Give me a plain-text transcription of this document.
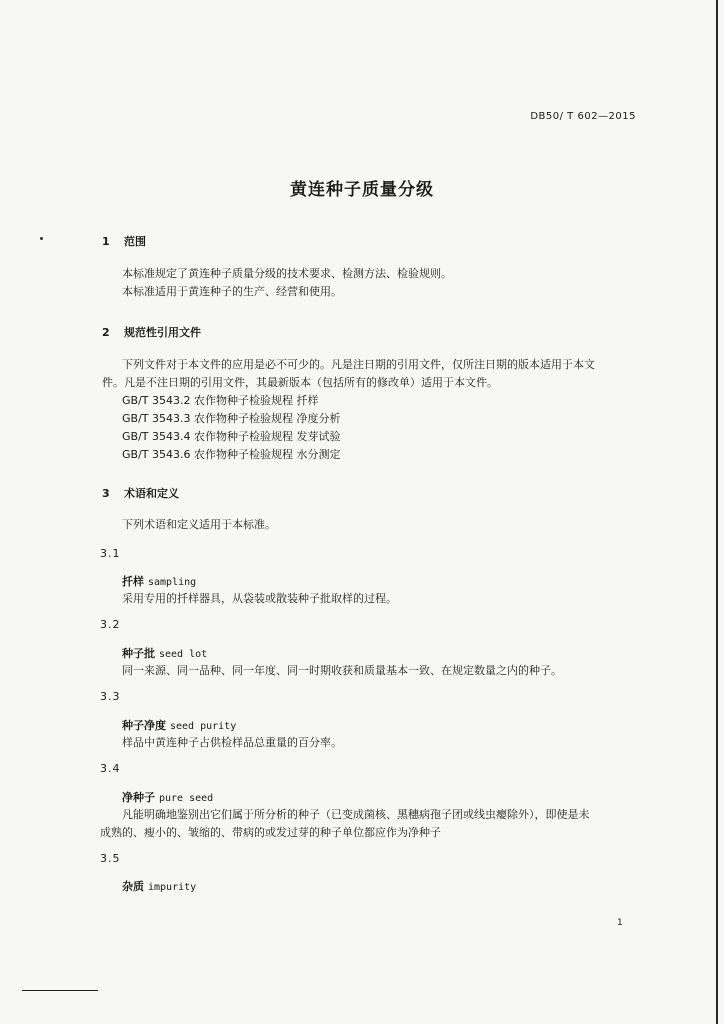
DB50/ T 602—2015
黄连种子质量分级
1 范围
本标准规定了黄连种子质量分级的技术要求、检测方法、检验规则。
本标准适用于黄连种子的生产、经营和使用。
2 规范性引用文件
下列文件对于本文件的应用是必不可少的。凡是注日期的引用文件，仅所注日期的版本适用于本文
件。凡是不注日期的引用文件，其最新版本（包括所有的修改单）适用于本文件。
GB/T 3543.2 农作物种子检验规程 扦样
GB/T 3543.3 农作物种子检验规程 净度分析
GB/T 3543.4 农作物种子检验规程 发芽试验
GB/T 3543.6 农作物种子检验规程 水分测定
3 术语和定义
下列术语和定义适用于本标准。
3.1
扦样 sampling
采用专用的扦样器具，从袋装或散装种子批取样的过程。
3.2
种子批 seed lot
同一来源、同一品种、同一年度、同一时期收获和质量基本一致、在规定数量之内的种子。
3.3
种子净度 seed purity
样品中黄连种子占供检样品总重量的百分率。
3.4
净种子 pure seed
凡能明确地鉴别出它们属于所分析的种子（已变成菌核、黑穗病孢子团或线虫瘿除外），即使是未
成熟的、瘦小的、皱缩的、带病的或发过芽的种子单位都应作为净种子
3.5
杂质 impurity
1
